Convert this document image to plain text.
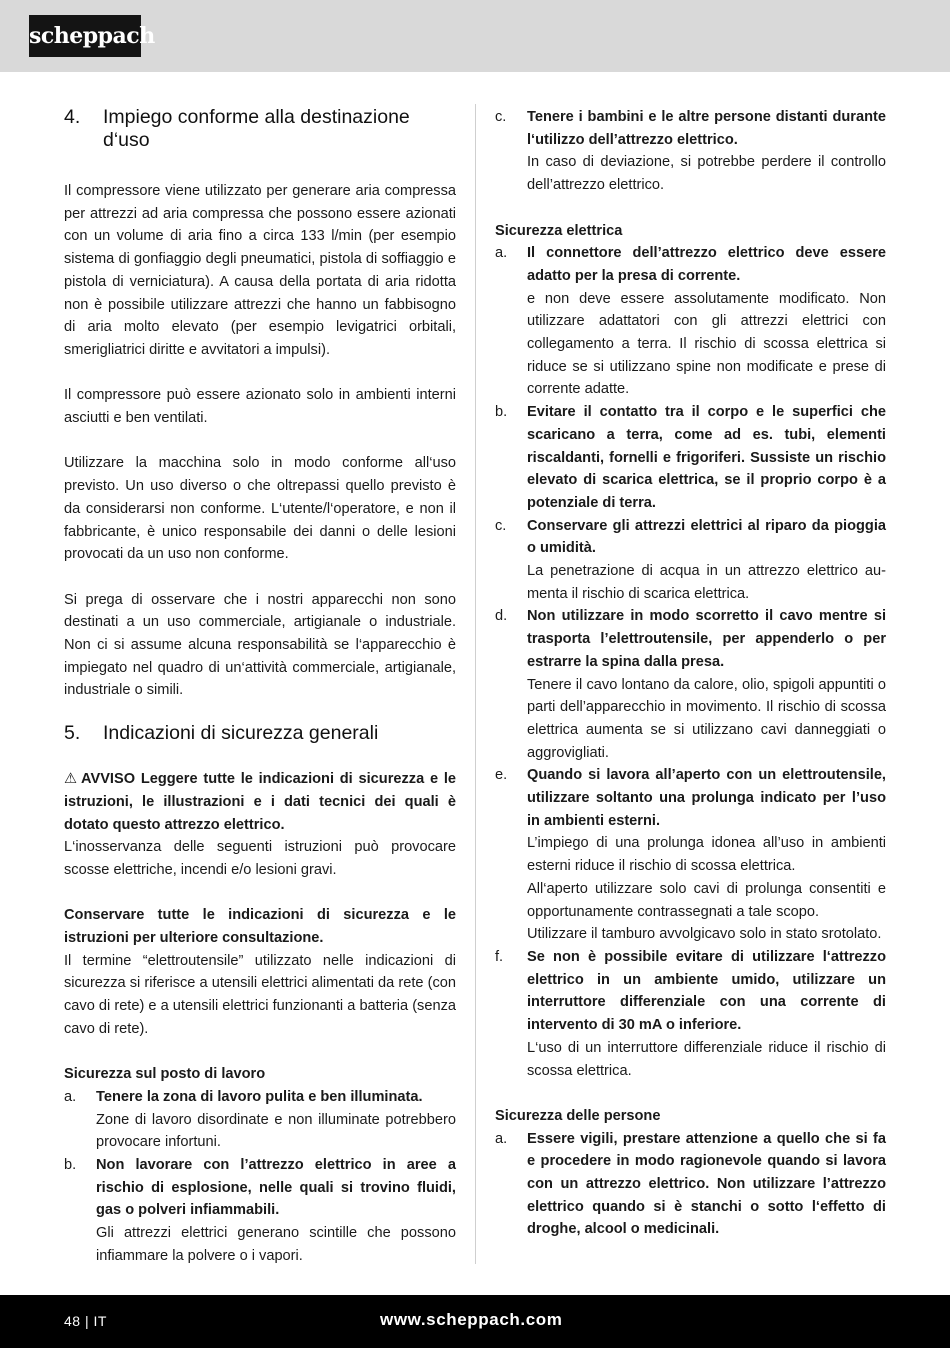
scheppach
4.	Impiego conforme alla destinazione d‘uso

Il compressore viene utilizzato per generare aria compressa per attrezzi ad aria compressa che possono essere azionati con un volume di aria fino a circa 133 l/min (per esempio sistema di gonfiaggio degli pneumatici, pistola di soffiaggio e pistola di verniciatura). A causa della portata di aria ridotta non è possibile utilizzare attrezzi che hanno un fabbisogno di aria molto elevato (per esempio levigatrici orbitali, smerigliatrici diritte e avvitatori a impulsi).

Il compressore può essere azionato solo in ambienti interni asciutti e ben ventilati.

Utilizzare la macchina solo in modo conforme all‘uso previsto. Un uso diverso o che oltrepassi quello previsto è da considerarsi non conforme. L‘utente/l‘operatore, e non il fabbricante, è unico responsabile dei danni o delle lesioni provocati da un uso non conforme.

Si prega di osservare che i nostri apparecchi non sono destinati a un uso commerciale, artigianale o industriale. Non ci si assume alcuna responsabilità se l‘apparecchio è impiegato nel quadro di un‘attività commerciale, artigianale, industriale o simili.

5.	Indicazioni di sicurezza generali

⚠ AVVISO Leggere tutte le indicazioni di sicurezza e le istruzioni, le illustrazioni e i dati tecnici dei quali è dotato questo attrezzo elettrico.

L‘inosservanza delle seguenti istruzioni può provocare scosse elettriche, incendi e/o lesioni gravi.

Conservare tutte le indicazioni di sicurezza e le istruzioni per ulteriore consultazione.

Il termine “elettroutensile” utilizzato nelle indicazioni di sicurezza si riferisce a utensili elettrici alimentati da rete (con cavo di rete) e a utensili elettrici funzionanti a batteria (senza cavo di rete).

Sicurezza sul posto di lavoro
a.	Tenere la zona di lavoro pulita e ben illuminata.

Zone di lavoro disordinate e non illuminate potrebbero provocare infortuni.

b.	Non lavorare con l’attrezzo elettrico in aree a rischio di esplosione, nelle quali si trovino fluidi, gas o polveri infiammabili.

Gli attrezzi elettrici generano scintille che possono infiammare la polvere o i vapori.

c.	Tenere i bambini e le altre persone distanti durante l‘utilizzo dell’attrezzo elettrico.

In caso di deviazione, si potrebbe perdere il controllo dell’attrezzo elettrico.

Sicurezza elettrica
a.	Il connettore dell’attrezzo elettrico deve essere adatto per la presa di corrente.

e non deve essere assolutamente modificato. Non utilizzare adattatori con gli attrezzi elettrici con collegamento a terra. Il rischio di scossa elettrica si riduce se si utilizzano spine non modificate e prese di corrente adatte.

b.	Evitare il contatto tra il corpo e le superfici che scaricano a terra, come ad es. tubi, elementi riscaldanti, fornelli e frigoriferi. Sussiste un rischio elevato di scarica elettrica, se il proprio corpo è a potenziale di terra.

c.	Conservare gli attrezzi elettrici al riparo da pioggia o umidità.

La penetrazione di acqua in un attrezzo elettrico aumenta il rischio di scarica elettrica.

d.	Non utilizzare in modo scorretto il cavo mentre si trasporta l’elettroutensile, per appenderlo o per estrarre la spina dalla presa.

Tenere il cavo lontano da calore, olio, spigoli appuntiti o parti dell’apparecchio in movimento. Il rischio di scossa elettrica aumenta se si utilizzano cavi danneggiati o aggrovigliati.

e.	Quando si lavora all’aperto con un elettroutensile, utilizzare soltanto una prolunga indicato per l’uso in ambienti esterni.

L’impiego di una prolunga idonea all’uso in ambienti esterni riduce il rischio di scossa elettrica.

All‘aperto utilizzare solo cavi di prolunga consentiti e opportunamente contrassegnati a tale scopo.

Utilizzare il tamburo avvolgicavo solo in stato srotolato.

f.	Se non è possibile evitare di utilizzare l‘attrezzo elettrico in un ambiente umido, utilizzare un interruttore differenziale con una corrente di intervento di 30 mA o inferiore.

L‘uso di un interruttore differenziale riduce il rischio di scossa elettrica.

Sicurezza delle persone
a.	Essere vigili, prestare attenzione a quello che si fa e procedere in modo ragionevole quando si lavora con un attrezzo elettrico. Non utilizzare l’attrezzo elettrico quando si è stanchi o sotto l‘effetto di droghe, alcool o medicinali.

48 | IT	www.scheppach.com
